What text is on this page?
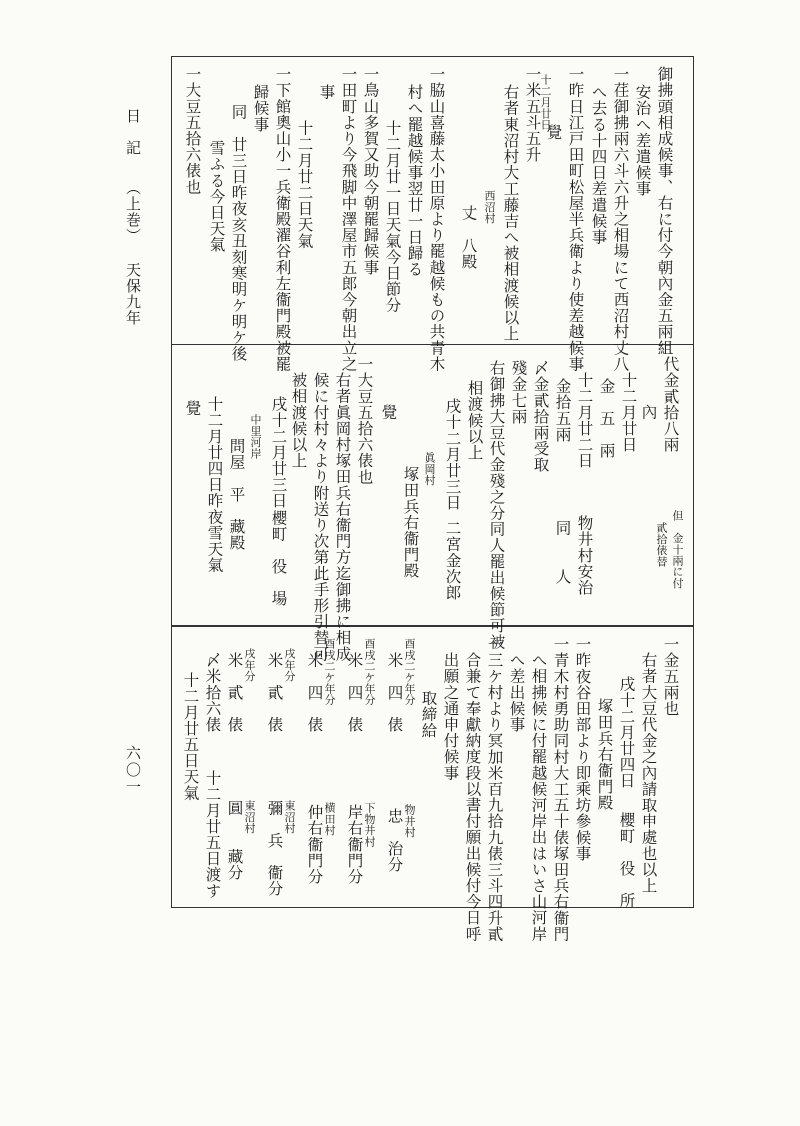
日　記
（上巻）
天保九年
六〇一
御拂頭相成候事、右に付今朝內金五兩組
安治へ差遣候事
一荏御拂兩六斗六升之相場にて西沼村丈八
へ去る十四日差遣候事
一昨日江戸田町松屋半兵衛より使差越候事
覺
十二月廿日
一米五斗五升
右者東沼村大工藤吉へ被相渡候以上
西沼村
丈　八殿
一脇山喜藤太小田原より罷越候もの共青木
村へ罷越候事翌廿一日歸る
十二月廿一日天氣今日節分
一鳥山多賀又助今朝罷歸候事
一田町より今飛脚中澤屋市五郎今朝出立之
事
十二月廿二日天氣
一下館奧山小一兵衛殿濯谷利左衞門殿被罷
歸候事
同　廿三日昨夜亥丑刻寒明ケ明ケ後
雪ふる今日天氣
一大豆五拾六俵也
代金貳拾八兩
但　金十兩に付
貳拾俵替
內
十二月廿日
金　五　兩
十二月廿二日
物井村安治
金拾五兩
同　　人
〆金貳拾兩受取
殘金七兩
右御拂大豆代金殘之分同人罷出候節可被
相渡候以上
戌十二月廿三日
二宮金次郎
眞岡村
塚田兵右衞門殿
覺
一大豆五拾六俵也
右者眞岡村塚田兵右衞門方迄御拂に相成
候に付村々より附送り次第此手形引替可
被相渡候以上
戌十二月廿三日
櫻町　役　場
中里河岸
問屋　平　藏殿
十二月廿四日昨夜雪天氣
覺
一金五兩也
右者大豆代金之內請取申處也以上
戌十二月廿四日
櫻町　役　所
塚田兵右衞門殿
一昨夜谷田部より即乘坊參候事
一青木村勇助同村大工五十俵塚田兵右衞門
へ相拂候に付罷越候河岸出はいさ山河岸
へ差出候事
一三ケ村より冥加米百九拾九俵三斗四升貳
合兼て奉獻納度段以書付願出候付今日呼
出願之通申付候事
取締給
酉戌二ケ年分
米　四　俵
物井村
忠　治分
酉戌二ケ年分
米　四　俵
下物井村
岸右衞門分
酉戌二ケ年分
米　四　俵
横田村
仲右衞門分
戌年分
米　貳　俵
東沼村
彌　兵　衞分
戌年分
米　貳　俵
東沼村
圓　　藏分
〆米拾六俵
十二月廿五日渡す
十二月廿五日天氣
